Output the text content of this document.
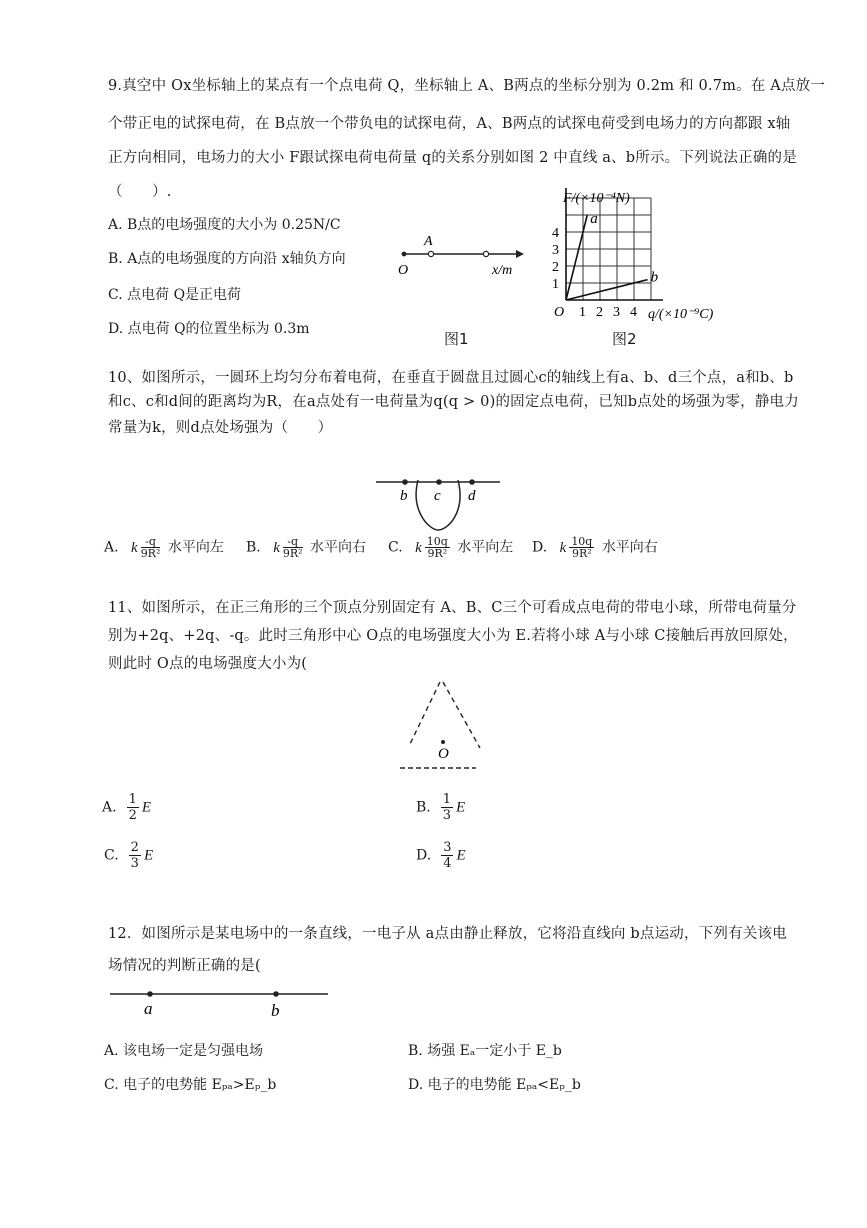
9.真空中 Ox坐标轴上的某点有一个点电荷 Q，坐标轴上 A、B两点的坐标分别为 0.2m 和 0.7m。在 A点放一
个带正电的试探电荷，在 B点放一个带负电的试探电荷，A、B两点的试探电荷受到电场力的方向都跟 x轴
正方向相同，电场力的大小 F跟试探电荷电荷量 q的关系分别如图 2 中直线 a、b所示。下列说法正确的是
（　　）.
A. B点的电场强度的大小为 0.25N/C
B. A点的电场强度的方向沿 x轴负方向
C. 点电荷 Q是正电荷
D. 点电荷 Q的位置坐标为 0.3m
A
O	x/m
图1
1 2 3 4
1
2
3
4
a
b
F/(×10⁻⁴N)
q/(×10⁻⁹C)
O
图2
10、如图所示，一圆环上均匀分布着电荷，在垂直于圆盘且过圆心c的轴线上有a、b、d三个点，a和b、b
和c、c和d间的距离均为R，在a点处有一电荷量为q(q > 0)的固定点电荷，已知b点处的场强为零，静电力
常量为k，则d点处场强为（　　）
b c d
A. k $\frac{-q}{\text{9R²}}$ 水平向左 B. k $\frac{-q}{\text{9R²}}$ 水平向右 C. k $\frac{10q}{\text{9R²}}$ 水平向左 D. k $\frac{10q}{\text{9R²}}$ 水平向右
11、如图所示，在正三角形的三个顶点分别固定有 A、B、C三个可看成点电荷的带电小球，所带电荷量分
别为+2q、+2q、-q。此时三角形中心 O点的电场强度大小为 E.若将小球 A与小球 C接触后再放回原处，
则此时 O点的电场强度大小为(
O
A. $\frac{1}{2}$ E	B. $\frac{1}{3}$ E
C. $\frac{2}{3}$ E	D. $\frac{3}{4}$ E
12．如图所示是某电场中的一条直线，一电子从 a点由静止释放，它将沿直线向 b点运动，下列有关该电
场情况的判断正确的是(
a	b
A. 该电场一定是匀强电场	B. 场强 Eₐ一定小于 E_b
C. 电子的电势能 Eₚₐ>Eₚ_b	D. 电子的电势能 Eₚₐ<Eₚ_b
